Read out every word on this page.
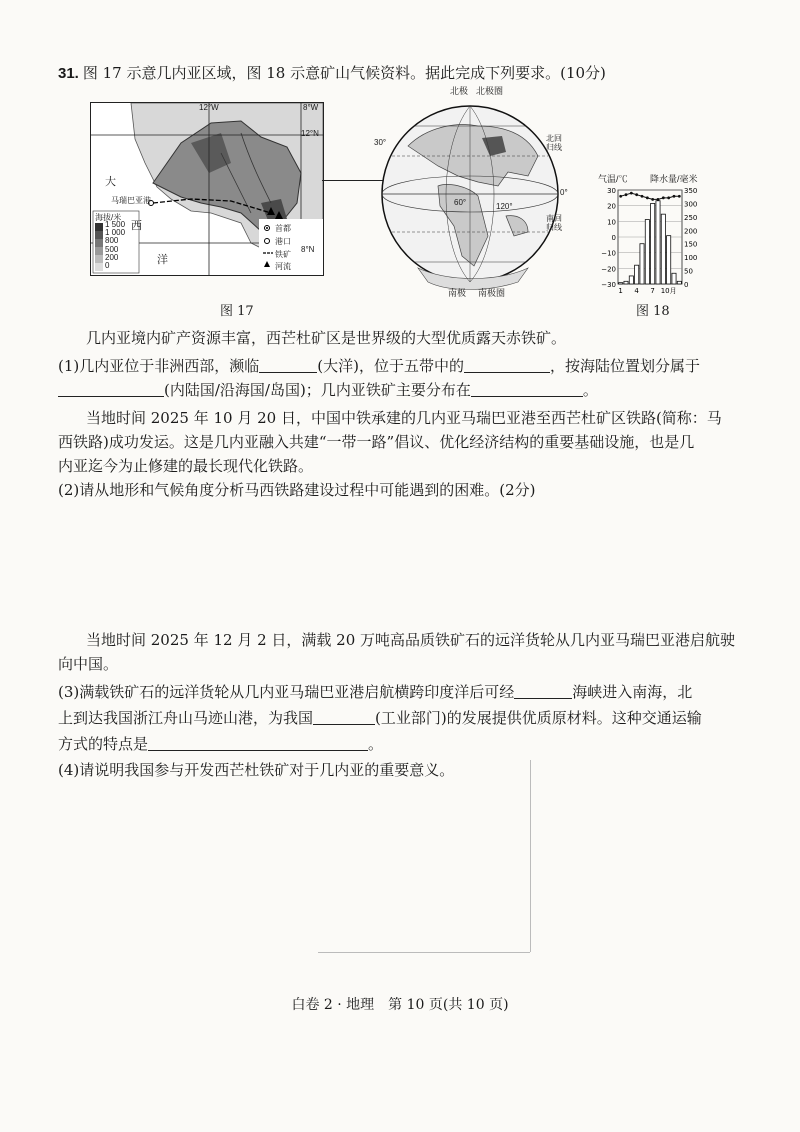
31. 图 17 示意几内亚区域，图 18 示意矿山气候资料。据此完成下列要求。(10分)
12°W	8°W
12°N
8°N
马瑞巴亚港
大
西
洋
海拔/米
1 500
1 000
800
500
200
0
首都
港口
铁矿
河流
北极 北极圈
南极 南极圈
北回归线
南回归线
0°
30°
60°	120°
气温/℃ 降水量/毫米
30
20
10
0
−10
−20
−30
350
300
250
200
150
100
50
0
1 4 7 10月
图 17	图 18
几内亚境内矿产资源丰富，西芒杜矿区是世界级的大型优质露天赤铁矿。
(1)几内亚位于非洲西部，濒临	(大洋)，位于五带中的	，按海陆位置划分属于
(内陆国/沿海国/岛国)；几内亚铁矿主要分布在	。
当地时间 2025 年 10 月 20 日，中国中铁承建的几内亚马瑞巴亚港至西芒杜矿区铁路(简称：马
西铁路)成功发运。这是几内亚融入共建“一带一路”倡议、优化经济结构的重要基础设施，也是几
内亚迄今为止修建的最长现代化铁路。
(2)请从地形和气候角度分析马西铁路建设过程中可能遇到的困难。(2分)
当地时间 2025 年 12 月 2 日，满载 20 万吨高品质铁矿石的远洋货轮从几内亚马瑞巴亚港启航驶
向中国。
(3)满载铁矿石的远洋货轮从几内亚马瑞巴亚港启航横跨印度洋后可经	海峡进入南海，北
上到达我国浙江舟山马迹山港，为我国	(工业部门)的发展提供优质原材料。这种交通运输
方式的特点是	。
(4)请说明我国参与开发西芒杜铁矿对于几内亚的重要意义。
白卷 2 · 地理　第 10 页(共 10 页)
